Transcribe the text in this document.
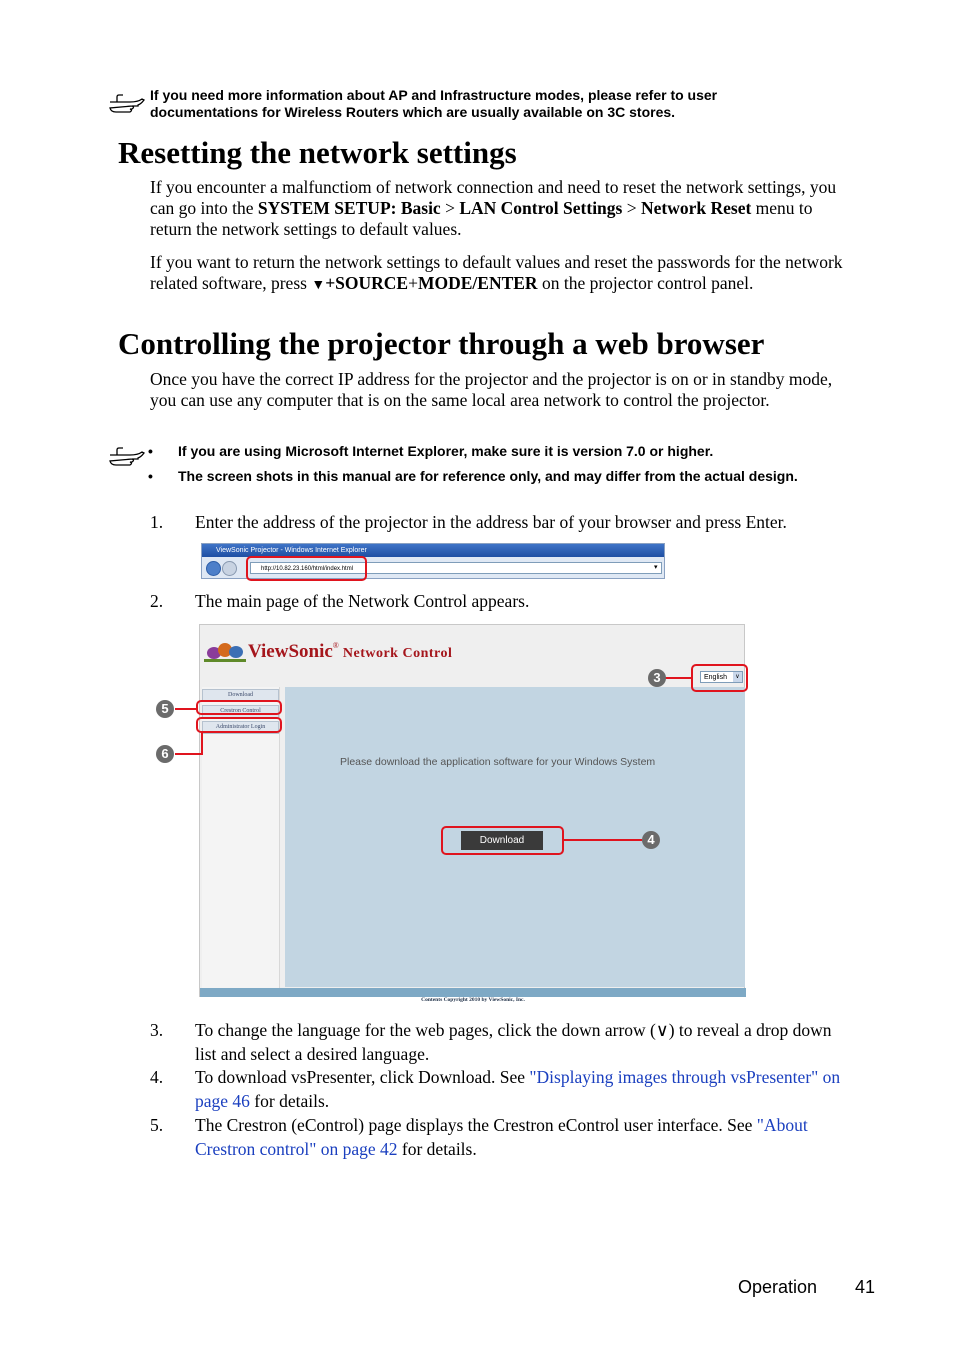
If you need more information about AP and Infrastructure modes, please refer to user
documentations for Wireless Routers which are usually available on 3C stores.
Resetting the network settings

If you encounter a malfunctiom of network connection and need to reset the network settings, you can go into the SYSTEM SETUP: Basic > LAN Control Settings > Network Reset menu to return the network settings to default values.

If you want to return the network settings to default values and reset the passwords for the network related software, press ▼+SOURCE+MODE/ENTER on the projector control panel.

Controlling the projector through a web browser

Once you have the correct IP address for the projector and the projector is on or in standby mode, you can use any computer that is on the same local area network to control the projector.

• If you are using Microsoft Internet Explorer, make sure it is version 7.0 or higher.
• The screen shots in this manual are for reference only, and may differ from the actual design.
1.	Enter the address of the projector in the address bar of your browser and press Enter.
ViewSonic Projector - Windows Internet Explorer
http://10.82.23.160/html/index.html	▾
2.	The main page of the Network Control appears.
ViewSonic® Network Control
English	∨
Download
Crestron Control
Administrator Login
Please download the application software for your Windows System
Download
Contents Copyright 2010 by ViewSonic, Inc.
3
4
5
6
3.	To change the language for the web pages, click the down arrow (∨) to reveal a drop down list and select a desired language.
4.	To download vsPresenter, click Download. See "Displaying images through vsPresenter" on page 46 for details.
5.	The Crestron (eControl) page displays the Crestron eControl user interface. See "About Crestron control" on page 42 for details.
Operation 41
